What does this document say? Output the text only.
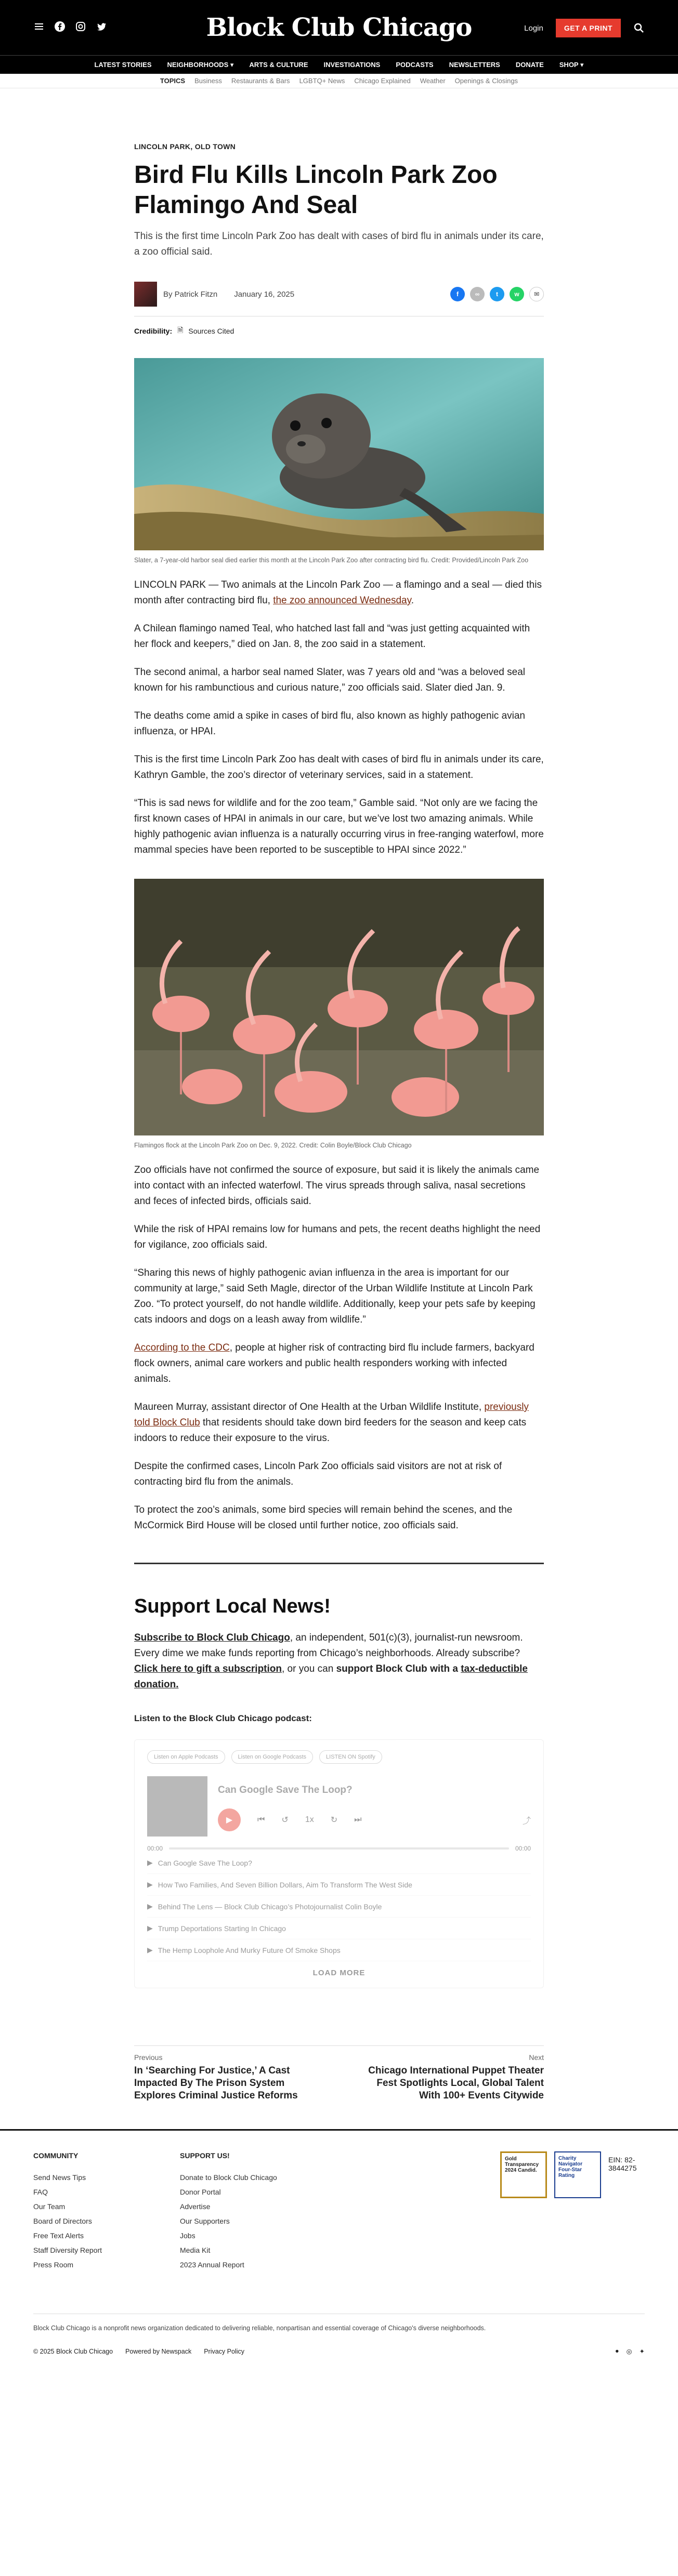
Block Club Chicago	Login	GET A PRINT
LATEST STORIES NEIGHBORHOODS ▾ ARTS & CULTURE INVESTIGATIONS PODCASTS NEWSLETTERS DONATE SHOP ▾
TOPICS Business Restaurants & Bars LGBTQ+ News Chicago Explained Weather Openings & Closings
LINCOLN PARK, OLD TOWN
Bird Flu Kills Lincoln Park Zoo Flamingo And Seal
This is the first time Lincoln Park Zoo has dealt with cases of bird flu in animals under its care, a zoo official said.
By Patrick Fitzn January 16, 2025	f	∞	t	w	✉
Credibility: 🗎 Sources Cited
Slater, a 7-year-old harbor seal died earlier this month at the Lincoln Park Zoo after contracting bird flu. Credit: Provided/Lincoln Park Zoo

LINCOLN PARK — Two animals at the Lincoln Park Zoo — a flamingo and a seal — died this month after contracting bird flu, the zoo announced Wednesday.

A Chilean flamingo named Teal, who hatched last fall and “was just getting acquainted with her flock and keepers,” died on Jan. 8, the zoo said in a statement.

The second animal, a harbor seal named Slater, was 7 years old and “was a beloved seal known for his rambunctious and curious nature,” zoo officials said. Slater died Jan. 9.

The deaths come amid a spike in cases of bird flu, also known as highly pathogenic avian influenza, or HPAI.

This is the first time Lincoln Park Zoo has dealt with cases of bird flu in animals under its care, Kathryn Gamble, the zoo’s director of veterinary services, said in a statement.

“This is sad news for wildlife and for the zoo team,” Gamble said. “Not only are we facing the first known cases of HPAI in animals in our care, but we’ve lost two amazing animals. While highly pathogenic avian influenza is a naturally occurring virus in free-ranging waterfowl, more mammal species have been reported to be susceptible to HPAI since 2022.”

Flamingos flock at the Lincoln Park Zoo on Dec. 9, 2022. Credit: Colin Boyle/Block Club Chicago

Zoo officials have not confirmed the source of exposure, but said it is likely the animals came into contact with an infected waterfowl. The virus spreads through saliva, nasal secretions and feces of infected birds, officials said.

While the risk of HPAI remains low for humans and pets, the recent deaths highlight the need for vigilance, zoo officials said.

“Sharing this news of highly pathogenic avian influenza in the area is important for our community at large,” said Seth Magle, director of the Urban Wildlife Institute at Lincoln Park Zoo. “To protect yourself, do not handle wildlife. Additionally, keep your pets safe by keeping cats indoors and dogs on a leash away from wildlife.”

According to the CDC, people at higher risk of contracting bird flu include farmers, backyard flock owners, animal care workers and public health responders working with infected animals.

Maureen Murray, assistant director of One Health at the Urban Wildlife Institute, previously told Block Club that residents should take down bird feeders for the season and keep cats indoors to reduce their exposure to the virus.

Despite the confirmed cases, Lincoln Park Zoo officials said visitors are not at risk of contracting bird flu from the animals.

To protect the zoo’s animals, some bird species will remain behind the scenes, and the McCormick Bird House will be closed until further notice, zoo officials said.

Support Local News!

Subscribe to Block Club Chicago, an independent, 501(c)(3), journalist-run newsroom. Every dime we make funds reporting from Chicago’s neighborhoods. Already subscribe? Click here to gift a subscription, or you can support Block Club with a tax-deductible donation.

Listen to the Block Club Chicago podcast:
Listen on Apple Podcasts	Listen on Google Podcasts	LISTEN ON Spotify
Can Google Save The Loop?
▶	⏮ ↺ 1x ↻ ⏭	⤴
00:00	00:00
▶ Can Google Save The Loop?
▶ How Two Families, And Seven Billion Dollars, Aim To Transform The West Side
▶ Behind The Lens — Block Club Chicago’s Photojournalist Colin Boyle
▶ Trump Deportations Starting In Chicago
▶ The Hemp Loophole And Murky Future Of Smoke Shops
LOAD MORE
Previous
In ‘Searching For Justice,’ A Cast Impacted By The Prison System Explores Criminal Justice Reforms
Next
Chicago International Puppet Theater Fest Spotlights Local, Global Talent With 100+ Events Citywide
COMMUNITY
Send News Tips
FAQ
Our Team
Board of Directors
Free Text Alerts
Staff Diversity Report
Press Room
SUPPORT US!
Donate to Block Club Chicago
Donor Portal
Advertise
Our Supporters
Jobs
Media Kit
2023 Annual Report
Gold Transparency 2024 Candid.
Charity Navigator Four-Star Rating
EIN: 82-3844275
Block Club Chicago is a nonprofit news organization dedicated to delivering reliable, nonpartisan and essential coverage of Chicago's diverse neighborhoods.
© 2025 Block Club Chicago Powered by Newspack Privacy Policy	● ◎ ✦
